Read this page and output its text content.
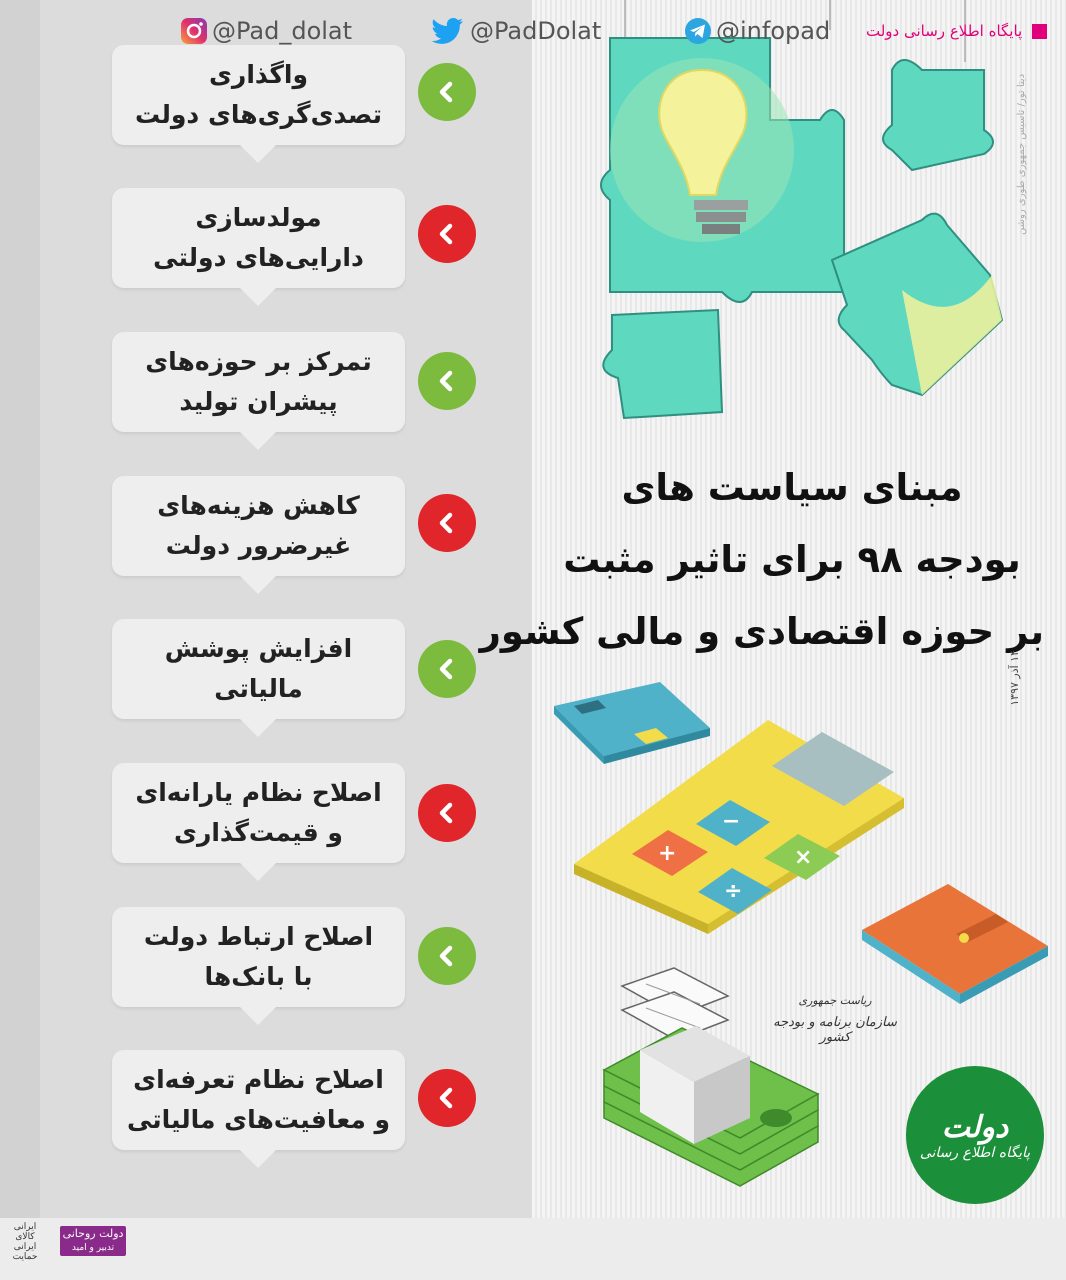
واگذاری
تصدی‌گری‌های دولت
مولدسازی
دارایی‌های دولتی
تمرکز بر حوزه‌های
پیشران تولید
کاهش هزینه‌های
غیرضرور دولت
افزایش پوشش
مالیاتی
اصلاح نظام یارانه‌ای
و قیمت‌گذاری
اصلاح ارتباط دولت
با بانک‌ها
اصلاح نظام تعرفه‌ای
و معافیت‌های مالیاتی
مبنای سیاست های
بودجه ۹۸ برای تاثیر مثبت
بر حوزه اقتصادی و مالی کشور
دیتا تور/ تاسیس جمهوری طوری روشن
۱۴ آذر ۱۳۹۷
−
+	×
÷
ریاست جمهوری
سازمان برنامه و بودجه کشور
دولت
پایگاه اطلاع رسانی
ایرانی کالای ایرانی حمایت
دولت روحانی
تدبیر و امید
@Pad_dolat	@PadDolat	@infopad پایگاه اطلاع رسانی دولت
